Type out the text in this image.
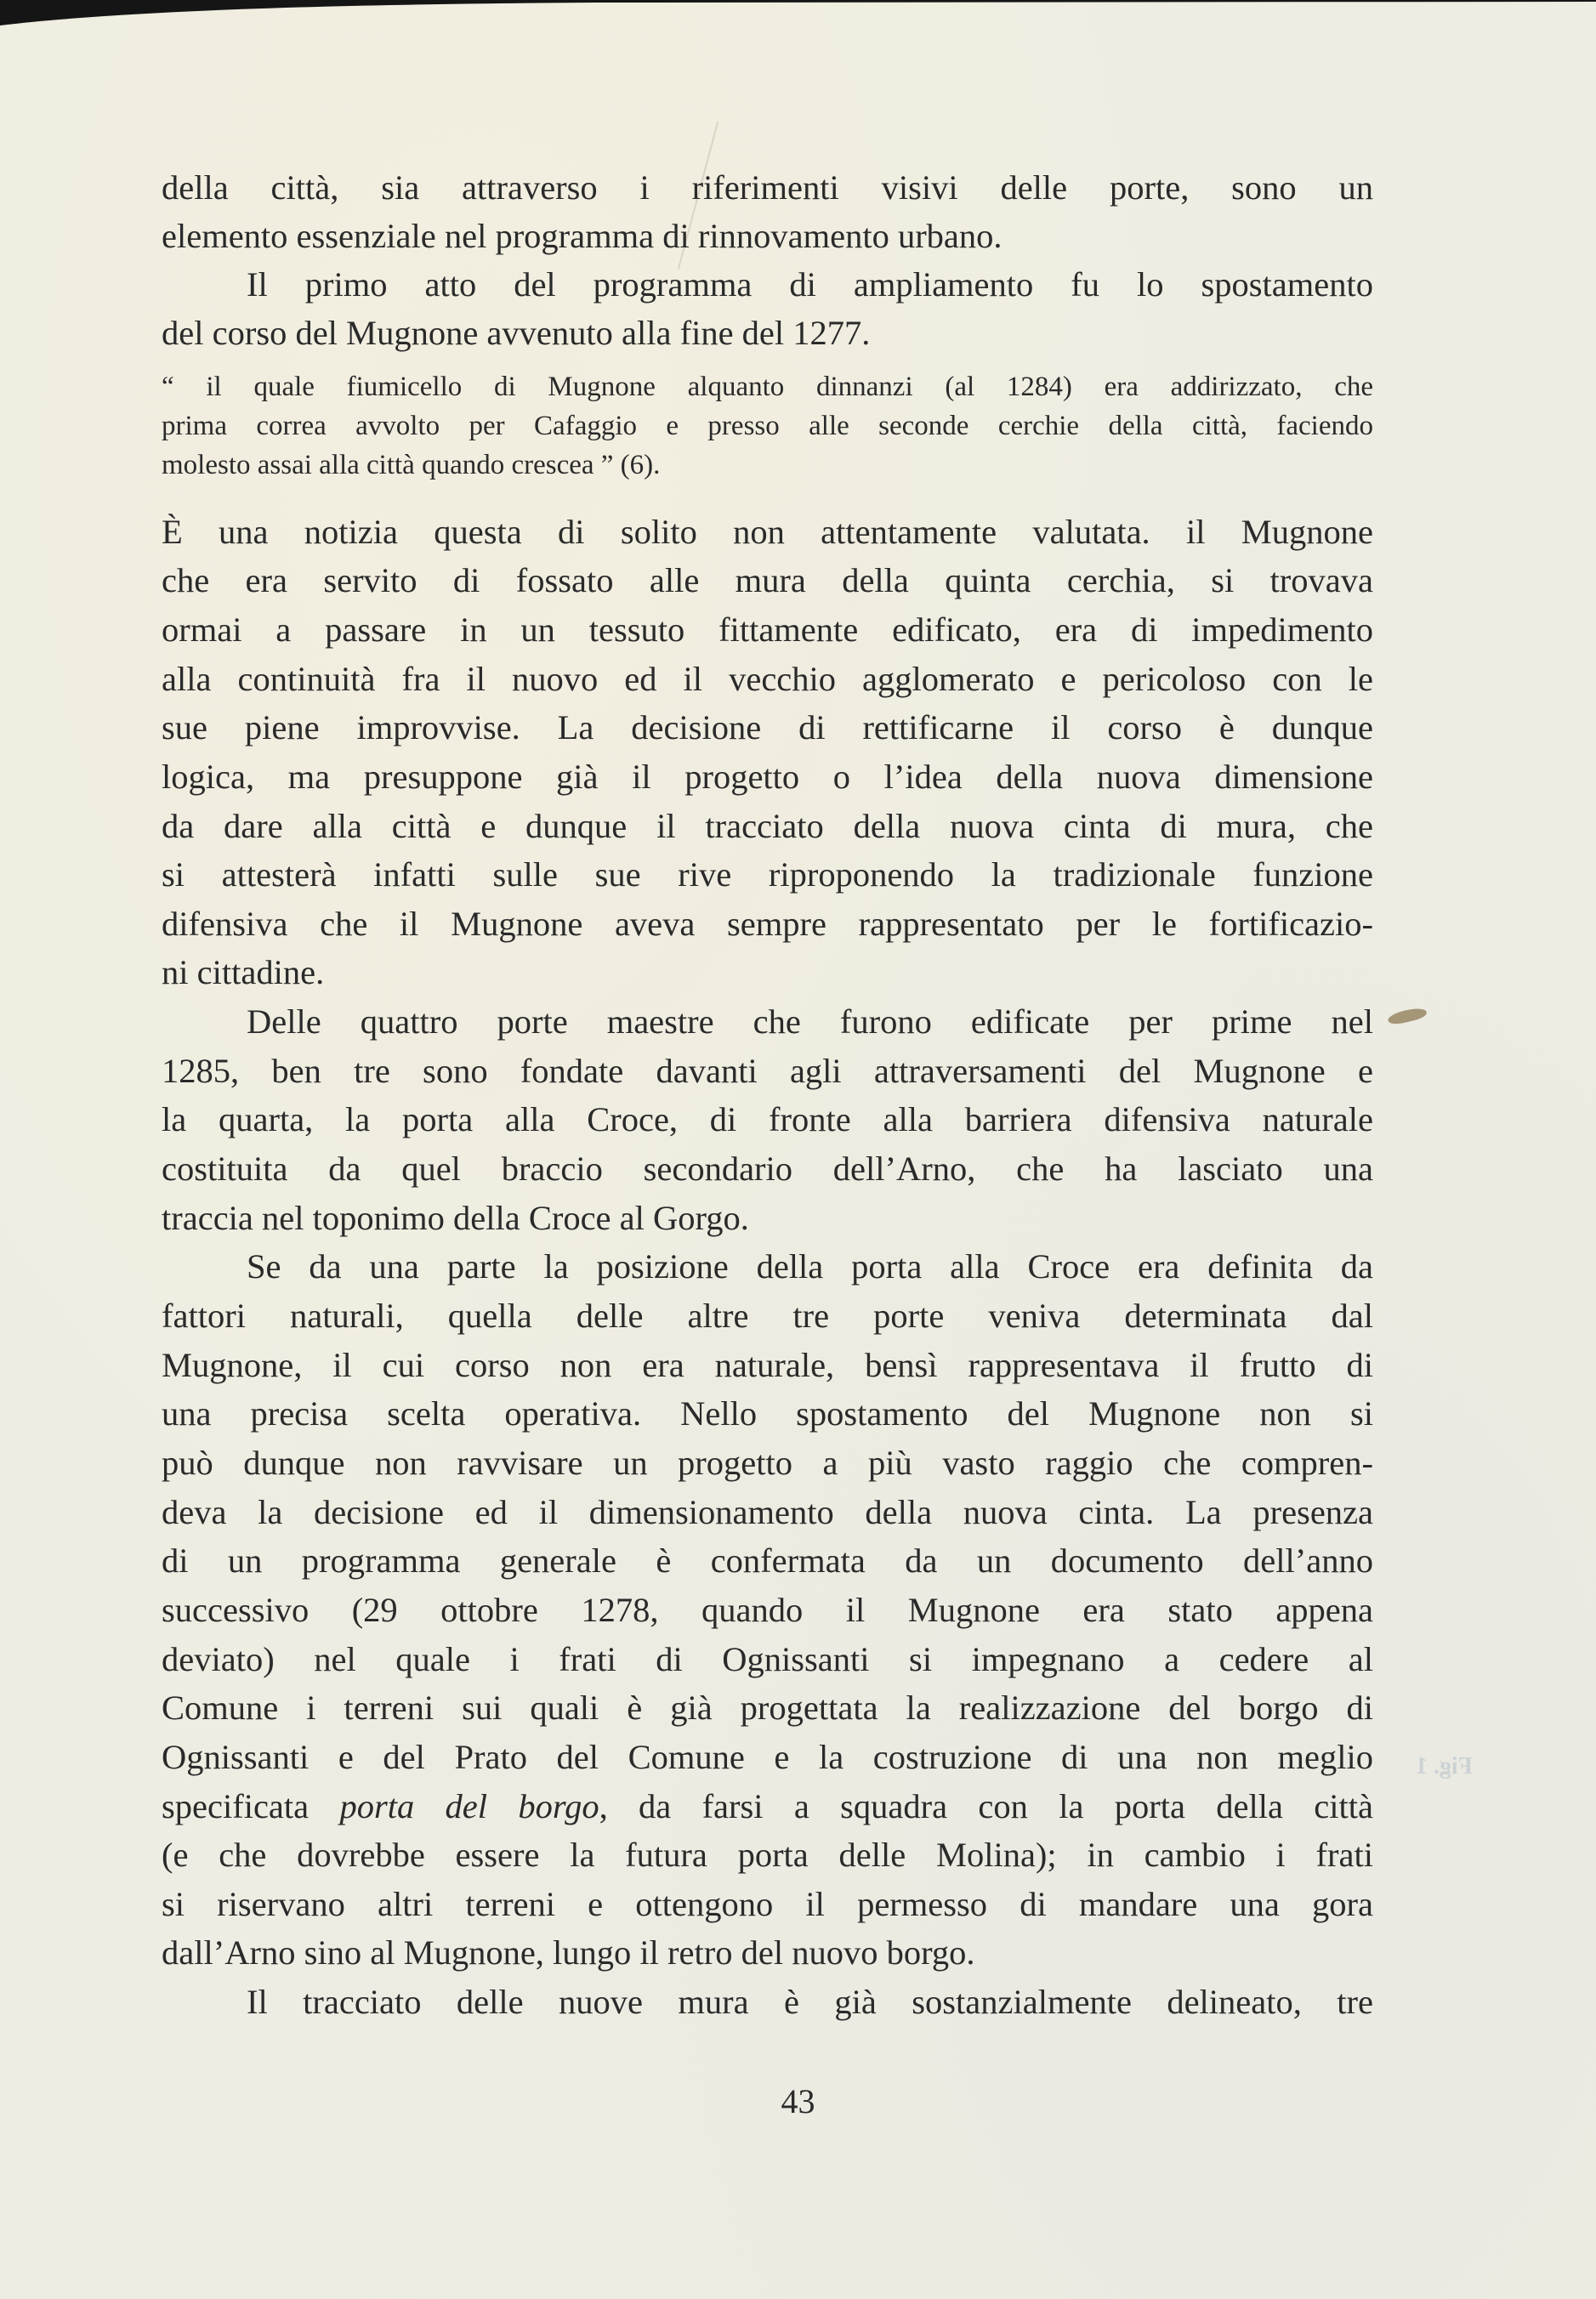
Fig. 1
della città, sia attraverso i riferimenti visivi delle porte, sono un
elemento essenziale nel programma di rinnovamento urbano.
Il primo atto del programma di ampliamento fu lo spostamento
del corso del Mugnone avvenuto alla fine del 1277.
“ il quale fiumicello di Mugnone alquanto dinnanzi (al 1284) era addirizzato, che
prima correa avvolto per Cafaggio e presso alle seconde cerchie della città, faciendo
molesto assai alla città quando crescea ” (6).
È una notizia questa di solito non attentamente valutata. il Mugnone
che era servito di fossato alle mura della quinta cerchia, si trovava
ormai a passare in un tessuto fittamente edificato, era di impedimento
alla continuità fra il nuovo ed il vecchio agglomerato e pericoloso con le
sue piene improvvise. La decisione di rettificarne il corso è dunque
logica, ma presuppone già il progetto o l’idea della nuova dimensione
da dare alla città e dunque il tracciato della nuova cinta di mura, che
si attesterà infatti sulle sue rive riproponendo la tradizionale funzione
difensiva che il Mugnone aveva sempre rappresentato per le fortificazio-
ni cittadine.
Delle quattro porte maestre che furono edificate per prime nel
1285, ben tre sono fondate davanti agli attraversamenti del Mugnone e
la quarta, la porta alla Croce, di fronte alla barriera difensiva naturale
costituita da quel braccio secondario dell’Arno, che ha lasciato una
traccia nel toponimo della Croce al Gorgo.
Se da una parte la posizione della porta alla Croce era definita da
fattori naturali, quella delle altre tre porte veniva determinata dal
Mugnone, il cui corso non era naturale, bensì rappresentava il frutto di
una precisa scelta operativa. Nello spostamento del Mugnone non si
può dunque non ravvisare un progetto a più vasto raggio che compren-
deva la decisione ed il dimensionamento della nuova cinta. La presenza
di un programma generale è confermata da un documento dell’anno
successivo (29 ottobre 1278, quando il Mugnone era stato appena
deviato) nel quale i frati di Ognissanti si impegnano a cedere al
Comune i terreni sui quali è già progettata la realizzazione del borgo di
Ognissanti e del Prato del Comune e la costruzione di una non meglio
specificata porta del borgo, da farsi a squadra con la porta della città
(e che dovrebbe essere la futura porta delle Molina); in cambio i frati
si riservano altri terreni e ottengono il permesso di mandare una gora
dall’Arno sino al Mugnone, lungo il retro del nuovo borgo.
Il tracciato delle nuove mura è già sostanzialmente delineato, tre
43
